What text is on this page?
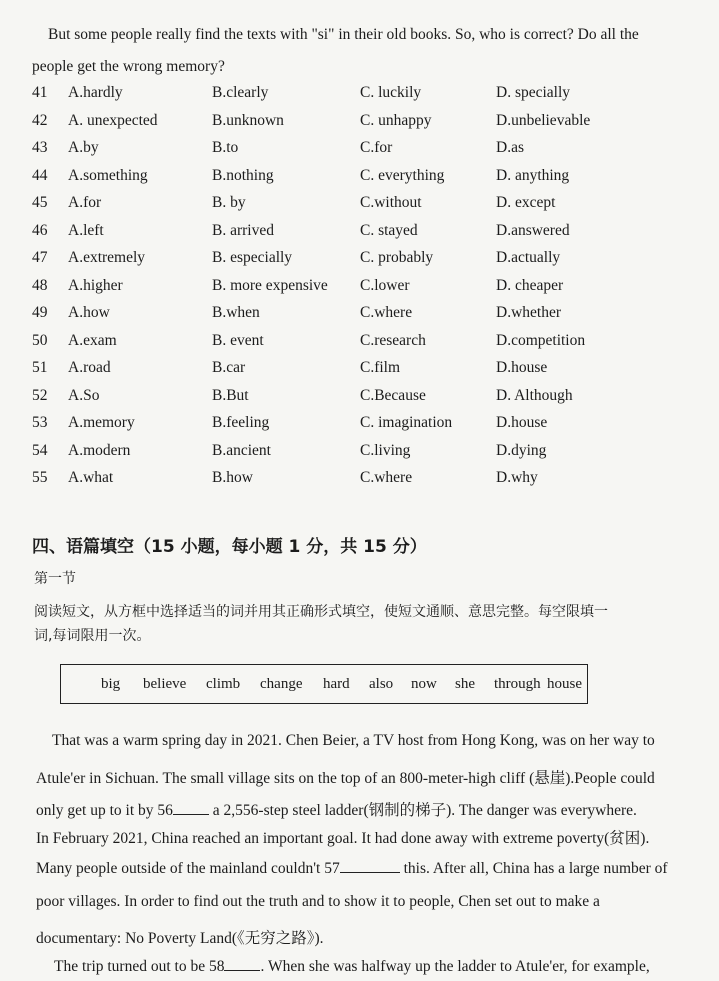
But some people really find the texts with "si" in their old books. So, who is correct? Do all the
people get the wrong memory?
41 A.hardly	B.clearly	C. luckily	D. specially
42 A. unexpected	B.unknown	C. unhappy	D.unbelievable
43 A.by	B.to	C.for	D.as
44 A.something	B.nothing	C. everything	D. anything
45 A.for	B. by	C.without	D. except
46 A.left	B. arrived	C. stayed	D.answered
47 A.extremely	B. especially	C. probably	D.actually
48 A.higher	B. more expensive C.lower	D. cheaper
49 A.how	B.when	C.where	D.whether
50 A.exam	B. event	C.research	D.competition
51 A.road	B.car	C.film	D.house
52 A.So	B.But	C.Because	D. Although
53 A.memory	B.feeling	C. imagination	D.house
54 A.modern	B.ancient	C.living	D.dying
55 A.what	B.how	C.where	D.why
四、语篇填空（15 小题，每小题 1 分，共 15 分）
第一节
阅读短文，从方框中选择适当的词并用其正确形式填空，使短文通顺、意思完整。每空限填一
词,每词限用一次。
big believe climb change hard also now she through house
That was a warm spring day in 2021. Chen Beier, a TV host from Hong Kong, was on her way to
Atule'er in Sichuan. The small village sits on the top of an 800-meter-high cliff (悬崖).People could
only get up to it by 56 a 2,556-step steel ladder(钢制的梯子). The danger was everywhere.
In February 2021, China reached an important goal. It had done away with extreme poverty(贫困).
Many people outside of the mainland couldn't 57	this. After all, China has a large number of
poor villages. In order to find out the truth and to show it to people, Chen set out to make a
documentary: No Poverty Land(《无穷之路》).
The trip turned out to be 58 . When she was halfway up the ladder to Atule'er, for example,
